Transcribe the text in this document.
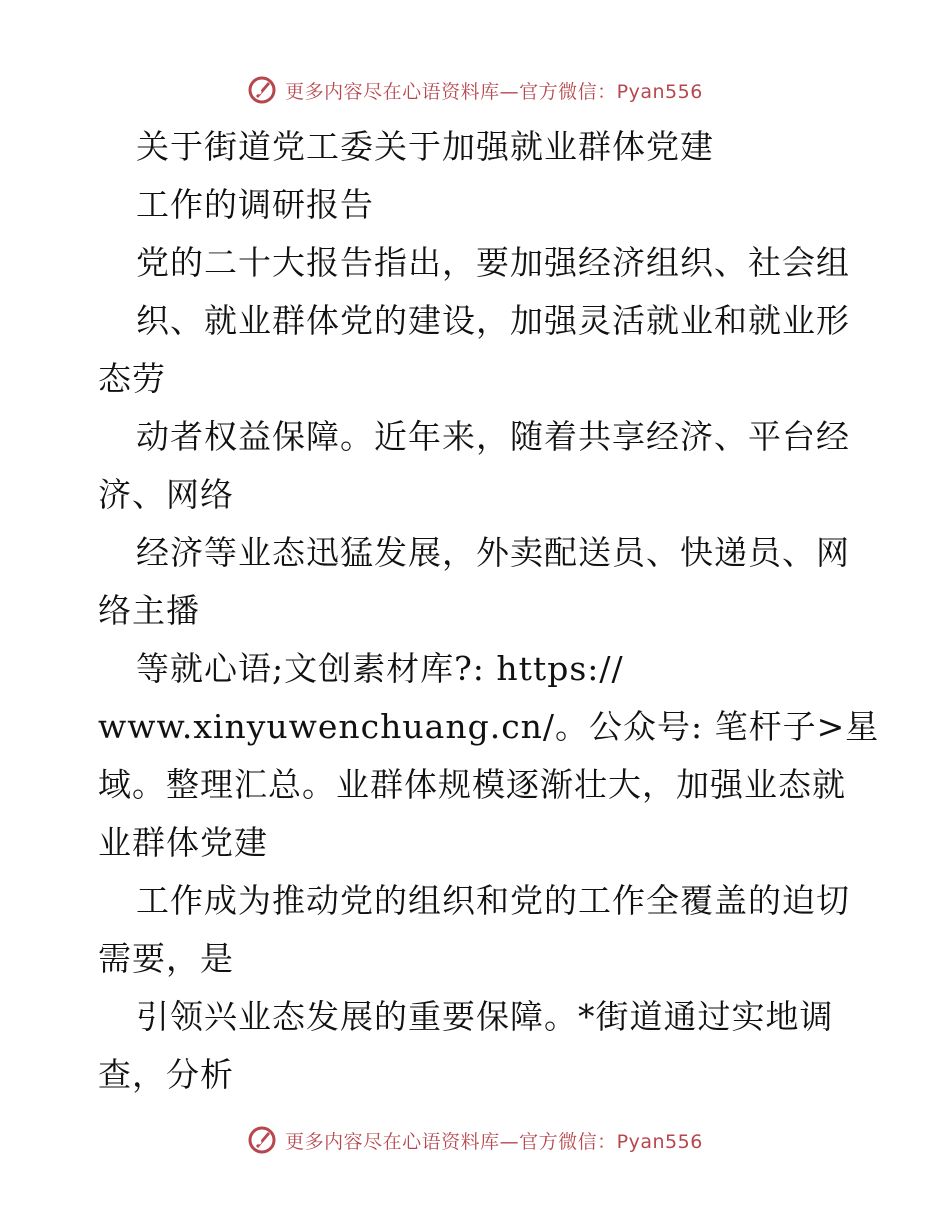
更多内容尽在心语资料库—官方微信：Pyan556
关于街道党工委关于加强就业群体党建
工作的调研报告
党的二十大报告指出，要加强经济组织、社会组
织、就业群体党的建设，加强灵活就业和就业形
态劳
动者权益保障。近年来，随着共享经济、平台经
济、网络
经济等业态迅猛发展，外卖配送员、快递员、网
络主播
等就心语;文创素材库?: https://
www.xinyuwenchuang.cn/。公众号: 笔杆子>星
域。整理汇总。业群体规模逐渐壮大，加强业态就
业群体党建
工作成为推动党的组织和党的工作全覆盖的迫切
需要，是
引领兴业态发展的重要保障。*街道通过实地调
查，分析
更多内容尽在心语资料库—官方微信：Pyan556
